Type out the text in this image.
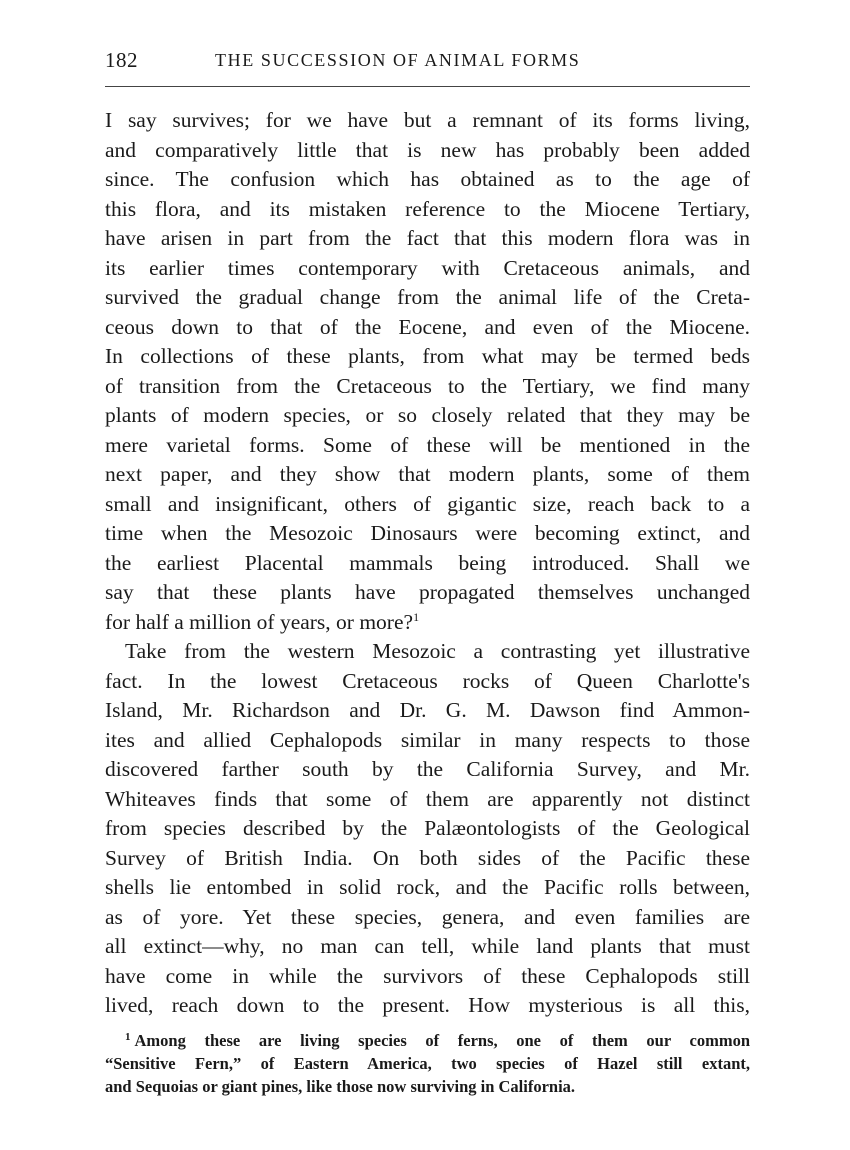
182	THE SUCCESSION OF ANIMAL FORMS
I say survives; for we have but a remnant of its forms living,
and comparatively little that is new has probably been added
since. The confusion which has obtained as to the age of
this flora, and its mistaken reference to the Miocene Tertiary,
have arisen in part from the fact that this modern flora was in
its earlier times contemporary with Cretaceous animals, and
survived the gradual change from the animal life of the Creta-
ceous down to that of the Eocene, and even of the Miocene.
In collections of these plants, from what may be termed beds
of transition from the Cretaceous to the Tertiary, we find many
plants of modern species, or so closely related that they may be
mere varietal forms. Some of these will be mentioned in the
next paper, and they show that modern plants, some of them
small and insignificant, others of gigantic size, reach back to a
time when the Mesozoic Dinosaurs were becoming extinct, and
the earliest Placental mammals being introduced. Shall we
say that these plants have propagated themselves unchanged
for half a million of years, or more?$^1$
Take from the western Mesozoic a contrasting yet illustrative
fact. In the lowest Cretaceous rocks of Queen Charlotte's
Island, Mr. Richardson and Dr. G. M. Dawson find Ammon-
ites and allied Cephalopods similar in many respects to those
discovered farther south by the California Survey, and Mr.
Whiteaves finds that some of them are apparently not distinct
from species described by the Palæontologists of the Geological
Survey of British India. On both sides of the Pacific these
shells lie entombed in solid rock, and the Pacific rolls between,
as of yore. Yet these species, genera, and even families are
all extinct—why, no man can tell, while land plants that must
have come in while the survivors of these Cephalopods still
lived, reach down to the present. How mysterious is all this,
$^1$ Among these are living species of ferns, one of them our common
“Sensitive Fern,” of Eastern America, two species of Hazel still extant,
and Sequoias or giant pines, like those now surviving in California.
